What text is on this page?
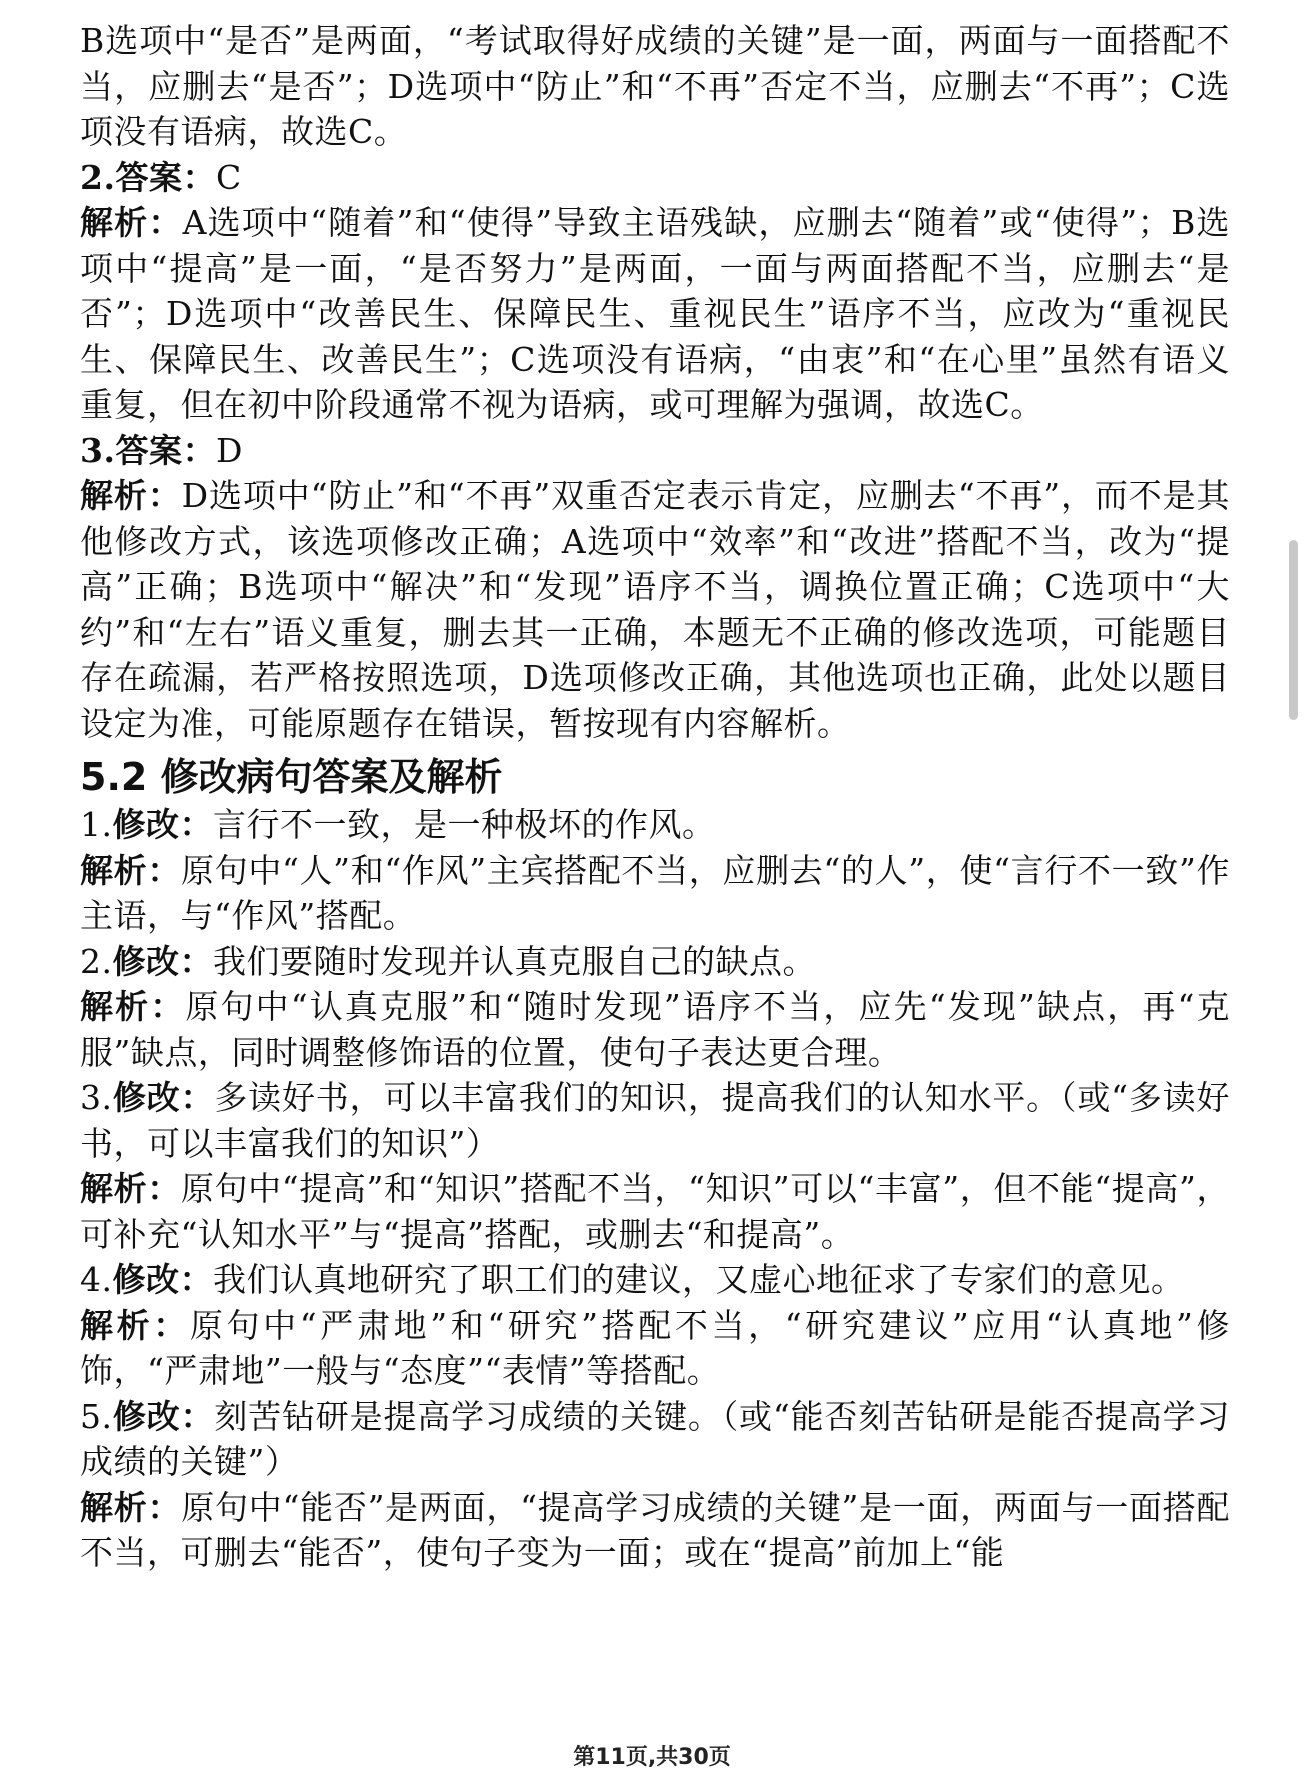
B选项中“是否”是两面，“考试取得好成绩的关键”是一面，两面与一面搭配不当，应删去“是否”；D选项中“防止”和“不再”否定不当，应删去“不再”；C选项没有语病，故选C。

2.答案：C

解析：A选项中“随着”和“使得”导致主语残缺，应删去“随着”或“使得”；B选项中“提高”是一面，“是否努力”是两面，一面与两面搭配不当，应删去“是否”；D选项中“改善民生、保障民生、重视民生”语序不当，应改为“重视民生、保障民生、改善民生”；C选项没有语病，“由衷”和“在心里”虽然有语义重复，但在初中阶段通常不视为语病，或可理解为强调，故选C。

3.答案：D

解析：D选项中“防止”和“不再”双重否定表示肯定，应删去“不再”，而不是其他修改方式，该选项修改正确；A选项中“效率”和“改进”搭配不当，改为“提高”正确；B选项中“解决”和“发现”语序不当，调换位置正确；C选项中“大约”和“左右”语义重复，删去其一正确，本题无不正确的修改选项，可能题目存在疏漏，若严格按照选项，D选项修改正确，其他选项也正确，此处以题目设定为准，可能原题存在错误，暂按现有内容解析。

5.2 修改病句答案及解析

1.修改：言行不一致，是一种极坏的作风。

解析：原句中“人”和“作风”主宾搭配不当，应删去“的人”，使“言行不一致”作主语，与“作风”搭配。

2.修改：我们要随时发现并认真克服自己的缺点。

解析：原句中“认真克服”和“随时发现”语序不当，应先“发现”缺点，再“克服”缺点，同时调整修饰语的位置，使句子表达更合理。

3.修改：多读好书，可以丰富我们的知识，提高我们的认知水平。（或“多读好书，可以丰富我们的知识”）

解析：原句中“提高”和“知识”搭配不当，“知识”可以“丰富”，但不能“提高”，可补充“认知水平”与“提高”搭配，或删去“和提高”。

4.修改：我们认真地研究了职工们的建议，又虚心地征求了专家们的意见。

解析：原句中“严肃地”和“研究”搭配不当，“研究建议”应用“认真地”修饰，“严肃地”一般与“态度”“表情”等搭配。

5.修改：刻苦钻研是提高学习成绩的关键。（或“能否刻苦钻研是能否提高学习成绩的关键”）

解析：原句中“能否”是两面，“提高学习成绩的关键”是一面，两面与一面搭配不当，可删去“能否”，使句子变为一面；或在“提高”前加上“能

第11页,共30页
